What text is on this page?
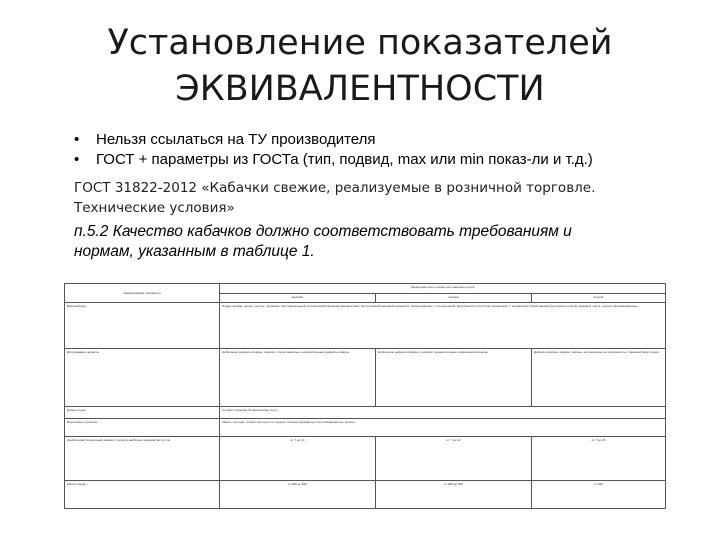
Установление показателей
ЭКВИВАЛЕНТНОСТИ
• Нельзя ссылаться на ТУ производителя
• ГОСТ + параметры из ГОСТа (тип, подвид, max или min показ-ли и т.д.)
ГОСТ 31822-2012 «Кабачки свежие, реализуемые в розничной торговле.
Технические условия»
п.5.2 Качество кабачков должно соответствовать требованиям и
нормам, указанным в таблице 1.
Наименование показателя	Характеристика и норма для товарного сорта		
	высший	первый	второй
Внешний вид	Плоды свежие, целые, чистые, здоровые, без повреждений сельскохозяйственными вредителями, без излишней внешней влажности, неперезревшие, с плодоножкой. Допускается отсутствие плодоножки, с нормальной (свойственной для данного сорта) окраской; сорта, хорошо сформированные		
Допускаемые дефекты	Небольшие дефекты формы, окраски, слегка заметные; незначительные дефекты кожицы	Небольшие дефекты формы и окраски; незначительные повреждения кожицы	Дефекты формы, окраски, кожицы, не влияющие на сохранность и товарный вид плодов
Длина плода	Соответствующая ботаническому сорту		
Внутреннее строение	Мякоть плотная, сочная, без пустот и трещин. Семена неразвитые или слаборазвитые, мягкие		
Наибольший поперечный диаметр плода (в наиболее широкой части), см	от 7 до 10	от 7 до 12	от 7 до 15
Масса плода, г	от 200 до 500	от 200 до 600	от 200
